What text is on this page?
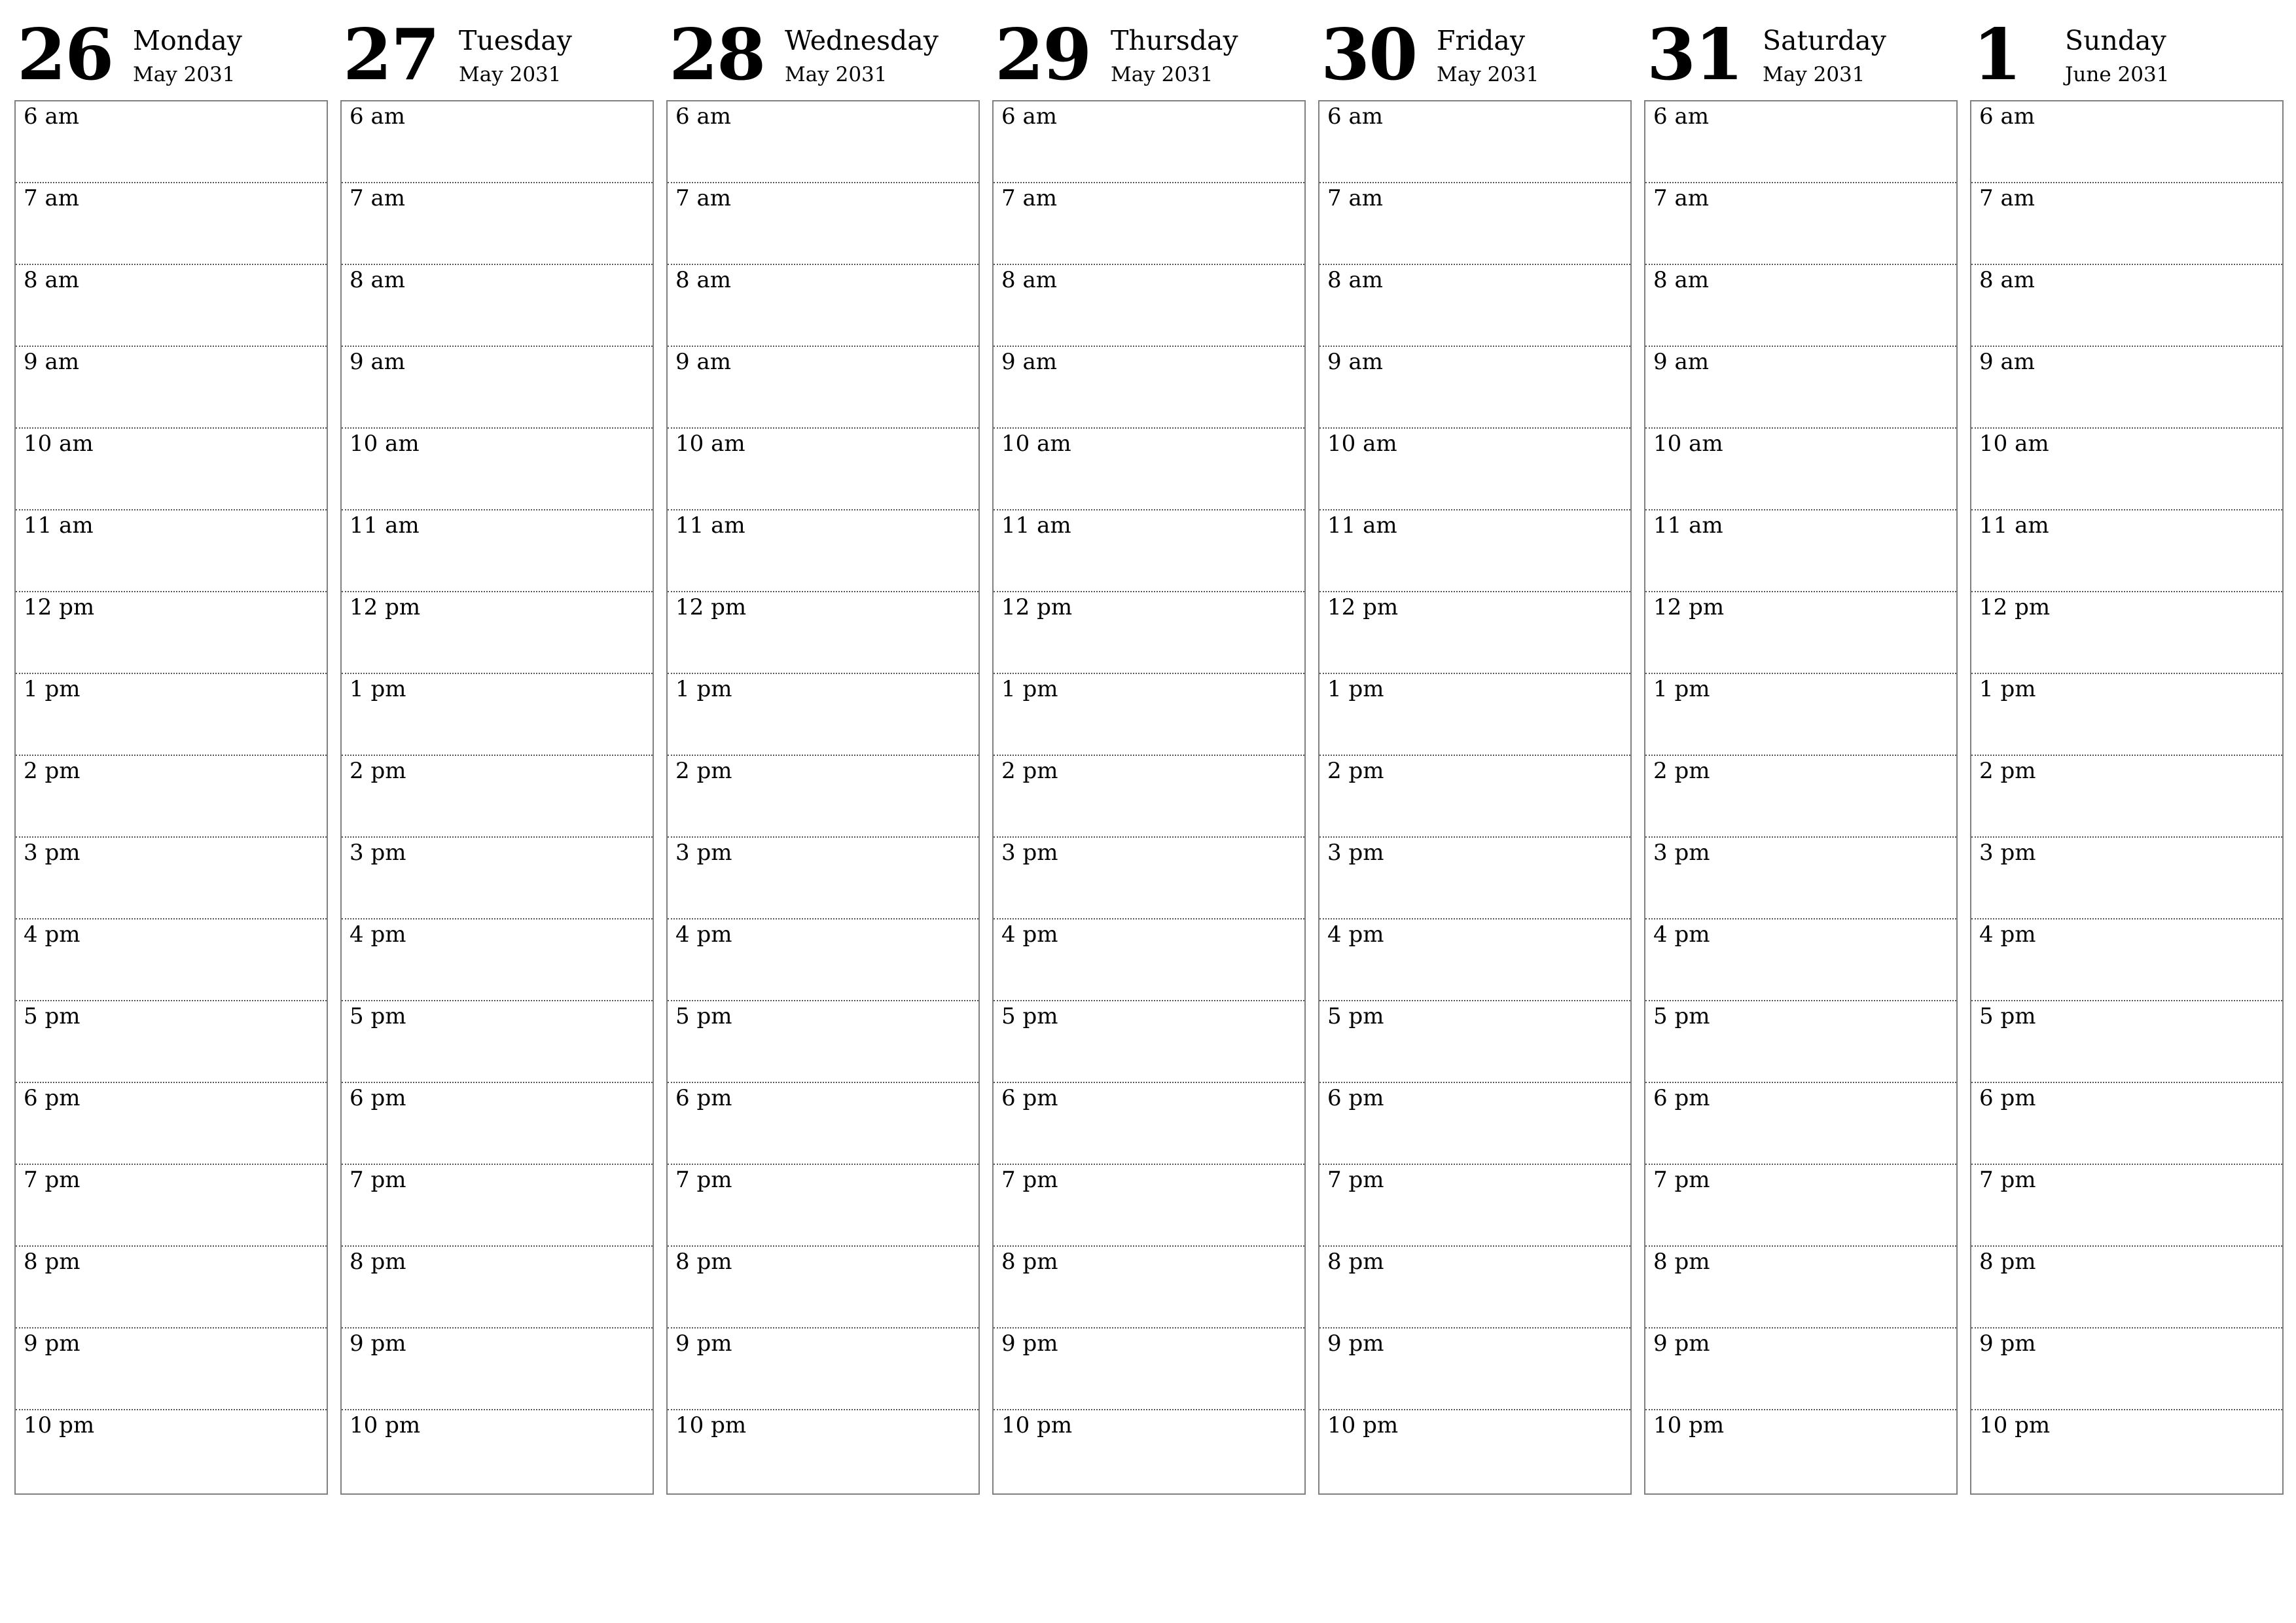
26 Monday
May 2031
6 am
7 am
8 am
9 am
10 am
11 am
12 pm
1 pm
2 pm
3 pm
4 pm
5 pm
6 pm
7 pm
8 pm
9 pm
10 pm
27 Tuesday
May 2031
6 am
7 am
8 am
9 am
10 am
11 am
12 pm
1 pm
2 pm
3 pm
4 pm
5 pm
6 pm
7 pm
8 pm
9 pm
10 pm
28 Wednesday
May 2031
6 am
7 am
8 am
9 am
10 am
11 am
12 pm
1 pm
2 pm
3 pm
4 pm
5 pm
6 pm
7 pm
8 pm
9 pm
10 pm
29 Thursday
May 2031
6 am
7 am
8 am
9 am
10 am
11 am
12 pm
1 pm
2 pm
3 pm
4 pm
5 pm
6 pm
7 pm
8 pm
9 pm
10 pm
30 Friday
May 2031
6 am
7 am
8 am
9 am
10 am
11 am
12 pm
1 pm
2 pm
3 pm
4 pm
5 pm
6 pm
7 pm
8 pm
9 pm
10 pm
31 Saturday
May 2031
6 am
7 am
8 am
9 am
10 am
11 am
12 pm
1 pm
2 pm
3 pm
4 pm
5 pm
6 pm
7 pm
8 pm
9 pm
10 pm
1 Sunday
June 2031
6 am
7 am
8 am
9 am
10 am
11 am
12 pm
1 pm
2 pm
3 pm
4 pm
5 pm
6 pm
7 pm
8 pm
9 pm
10 pm
